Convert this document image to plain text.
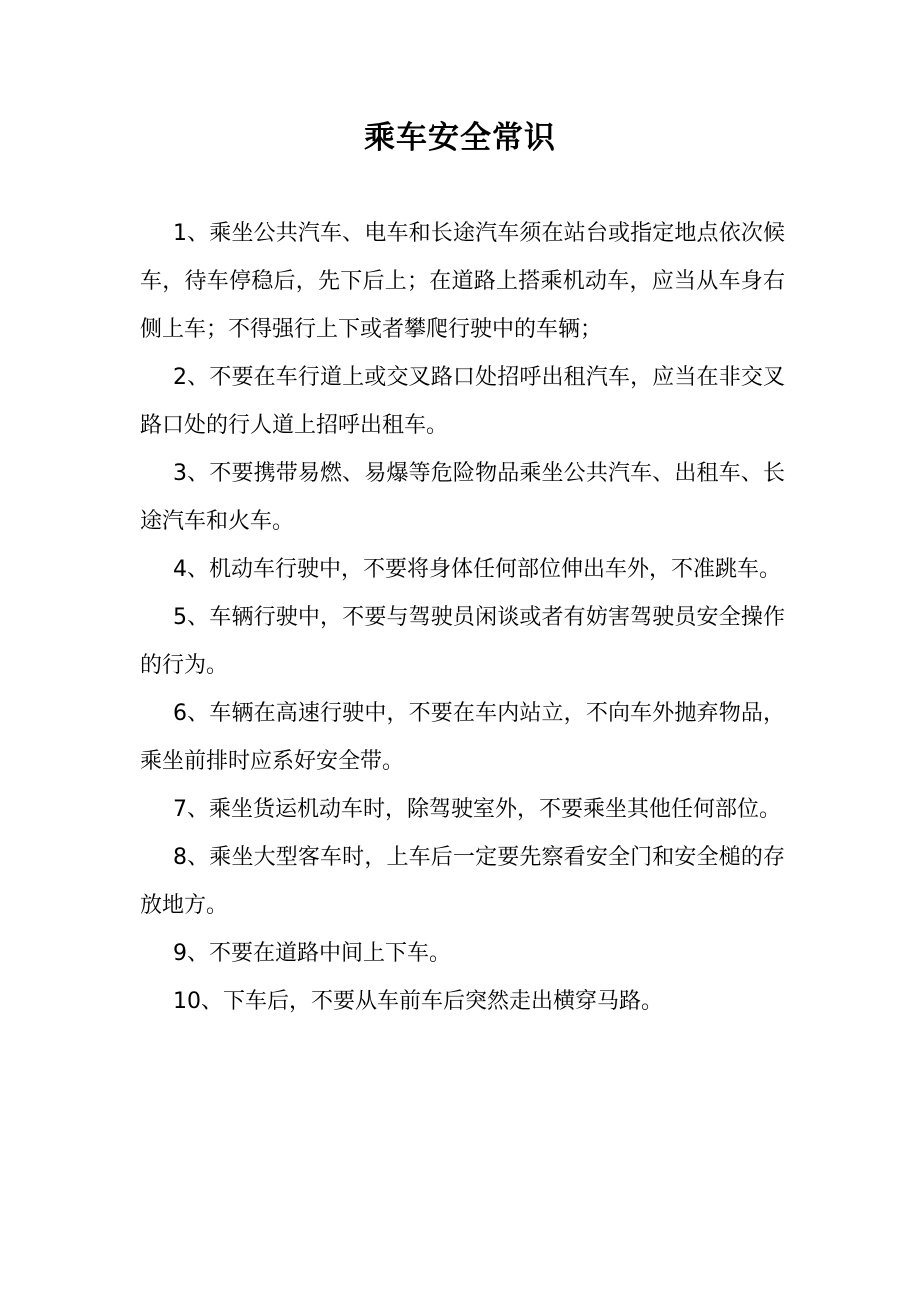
乘车安全常识

1、乘坐公共汽车、电车和长途汽车须在站台或指定地点依次候车，待车停稳后，先下后上；在道路上搭乘机动车，应当从车身右侧上车；不得强行上下或者攀爬行驶中的车辆；

2、不要在车行道上或交叉路口处招呼出租汽车，应当在非交叉路口处的行人道上招呼出租车。

3、不要携带易燃、易爆等危险物品乘坐公共汽车、出租车、长途汽车和火车。

4、机动车行驶中，不要将身体任何部位伸出车外，不准跳车。

5、车辆行驶中，不要与驾驶员闲谈或者有妨害驾驶员安全操作的行为。

6、车辆在高速行驶中，不要在车内站立，不向车外抛弃物品，乘坐前排时应系好安全带。

7、乘坐货运机动车时，除驾驶室外，不要乘坐其他任何部位。

8、乘坐大型客车时，上车后一定要先察看安全门和安全槌的存放地方。

9、不要在道路中间上下车。

10、下车后，不要从车前车后突然走出横穿马路。
